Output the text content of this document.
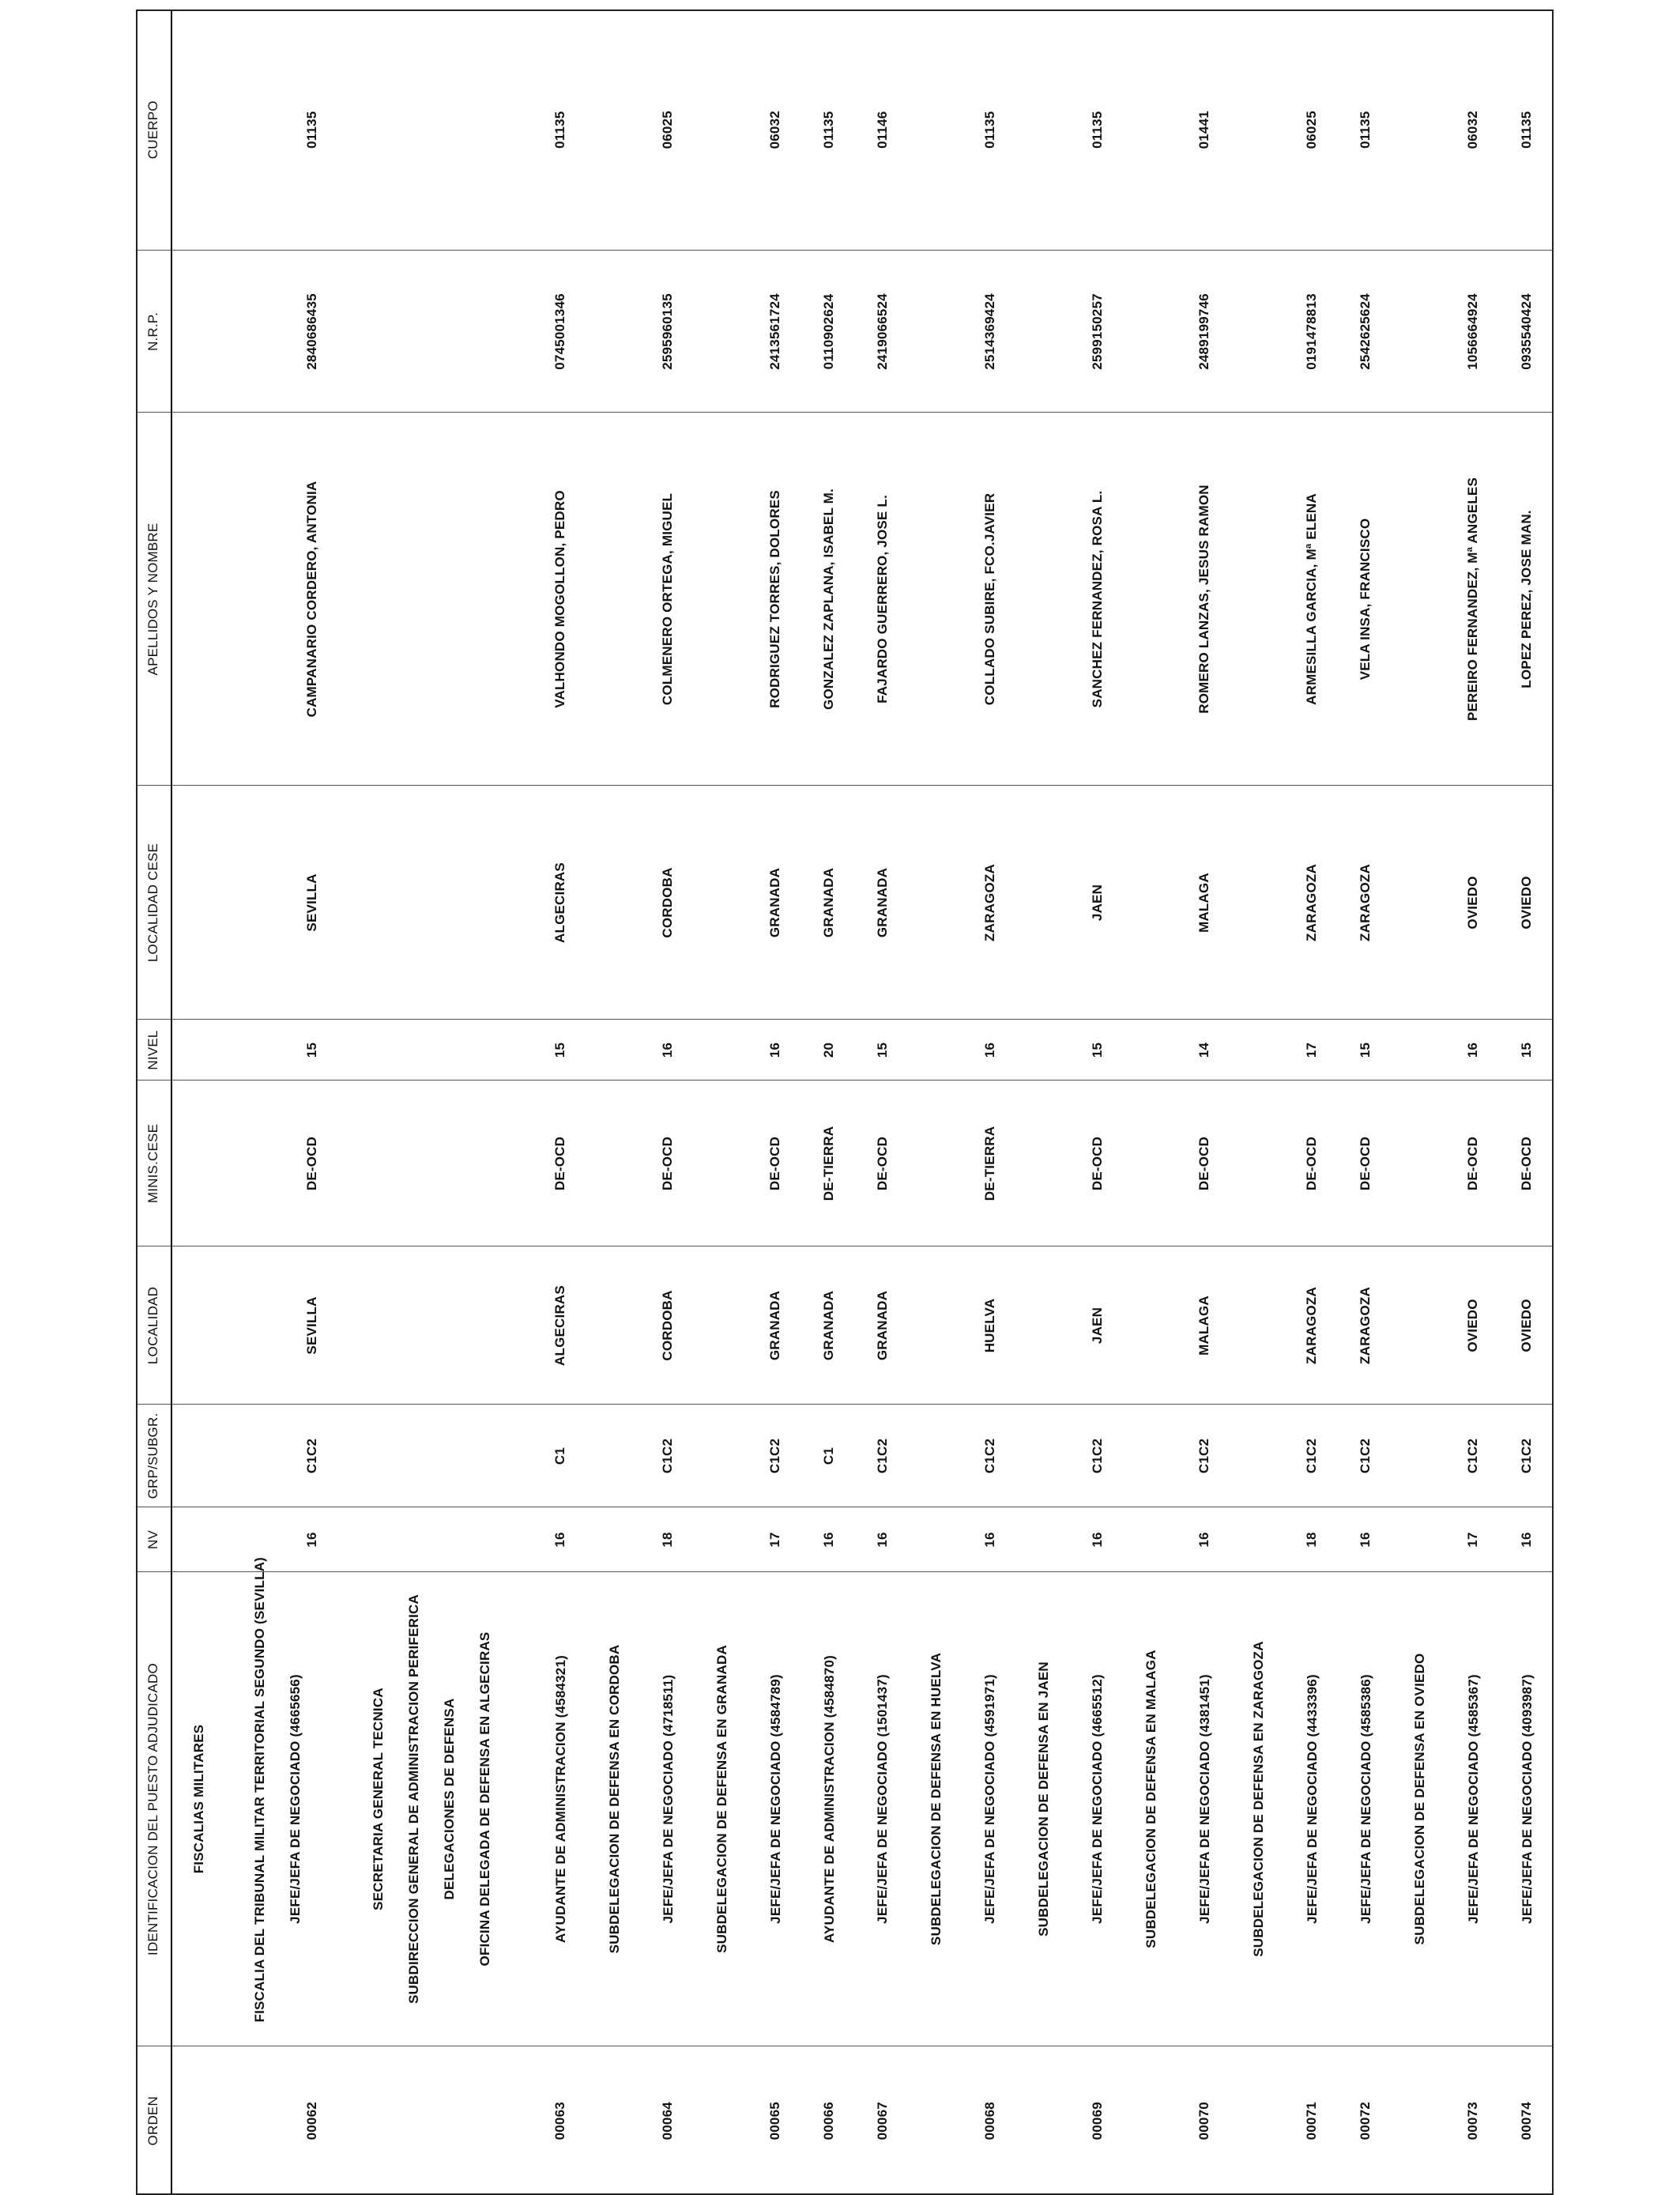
ORDEN	IDENTIFICACION DEL PUESTO ADJUDICADO	NV	GRP/SUBGR.	LOCALIDAD	MINIS.CESE	NIVEL	LOCALIDAD CESE	APELLIDOS Y NOMBRE	N.R.P.	CUERPO

	FISCALIAS MILITARES									

00062	FISCALIA DEL TRIBUNAL MILITAR TERRITORIAL SEGUNDO (SEVILLA) JEFE/JEFA DE NEGOCIADO (4665656)	16	C1C2	SEVILLA	DE-OCD	15	SEVILLA	CAMPANARIO CORDERO, ANTONIA	2840686435	01135

	SECRETARIA GENERAL TECNICA SUBDIRECCION GENERAL DE ADMINISTRACION PERIFERICA DELEGACIONES DE DEFENSA OFICINA DELEGADA DE DEFENSA EN ALGECIRAS									

00063	AYUDANTE DE ADMINISTRACION (4584321)	16	C1	ALGECIRAS	DE-OCD	15	ALGECIRAS	VALHONDO MOGOLLON, PEDRO	0745001346	01135

	SUBDELEGACION DE DEFENSA EN CORDOBA									

00064	JEFE/JEFA DE NEGOCIADO (4718511)	18	C1C2	CORDOBA	DE-OCD	16	CORDOBA	COLMENERO ORTEGA, MIGUEL	2595960135	06025

	SUBDELEGACION DE DEFENSA EN GRANADA									

00065	JEFE/JEFA DE NEGOCIADO (4584789)	17	C1C2	GRANADA	DE-OCD	16	GRANADA	RODRIGUEZ TORRES, DOLORES	2413561724	06032
00066	AYUDANTE DE ADMINISTRACION (4584870)	16	C1	GRANADA	DE-TIERRA	20	GRANADA	GONZALEZ ZAPLANA, ISABEL M.	0110902624	01135
00067	JEFE/JEFA DE NEGOCIADO (1501437)	16	C1C2	GRANADA	DE-OCD	15	GRANADA	FAJARDO GUERRERO, JOSE L.	2419066524	01146

	SUBDELEGACION DE DEFENSA EN HUELVA									

00068	JEFE/JEFA DE NEGOCIADO (4591971)	16	C1C2	HUELVA	DE-TIERRA	16	ZARAGOZA	COLLADO SUBIRE, FCO.JAVIER	2514369424	01135

	SUBDELEGACION DE DEFENSA EN JAEN									

00069	JEFE/JEFA DE NEGOCIADO (4665512)	16	C1C2	JAEN	DE-OCD	15	JAEN	SANCHEZ FERNANDEZ, ROSA L.	2599150257	01135

	SUBDELEGACION DE DEFENSA EN MALAGA									

00070	JEFE/JEFA DE NEGOCIADO (4381451)	16	C1C2	MALAGA	DE-OCD	14	MALAGA	ROMERO LANZAS, JESUS RAMON	2489199746	01441

	SUBDELEGACION DE DEFENSA EN ZARAGOZA									

00071	JEFE/JEFA DE NEGOCIADO (4433396)	18	C1C2	ZARAGOZA	DE-OCD	17	ZARAGOZA	ARMESILLA GARCIA, Mª ELENA	0191478813	06025
00072	JEFE/JEFA DE NEGOCIADO (4585386)	16	C1C2	ZARAGOZA	DE-OCD	15	ZARAGOZA	VELA INSA, FRANCISCO	2542625624	01135

	SUBDELEGACION DE DEFENSA EN OVIEDO									

00073	JEFE/JEFA DE NEGOCIADO (4585367)	17	C1C2	OVIEDO	DE-OCD	16	OVIEDO	PEREIRO FERNANDEZ, Mª ANGELES	1056664924	06032
00074	JEFE/JEFA DE NEGOCIADO (4093987)	16	C1C2	OVIEDO	DE-OCD	15	OVIEDO	LOPEZ PEREZ, JOSE MAN.	0935540424	01135
